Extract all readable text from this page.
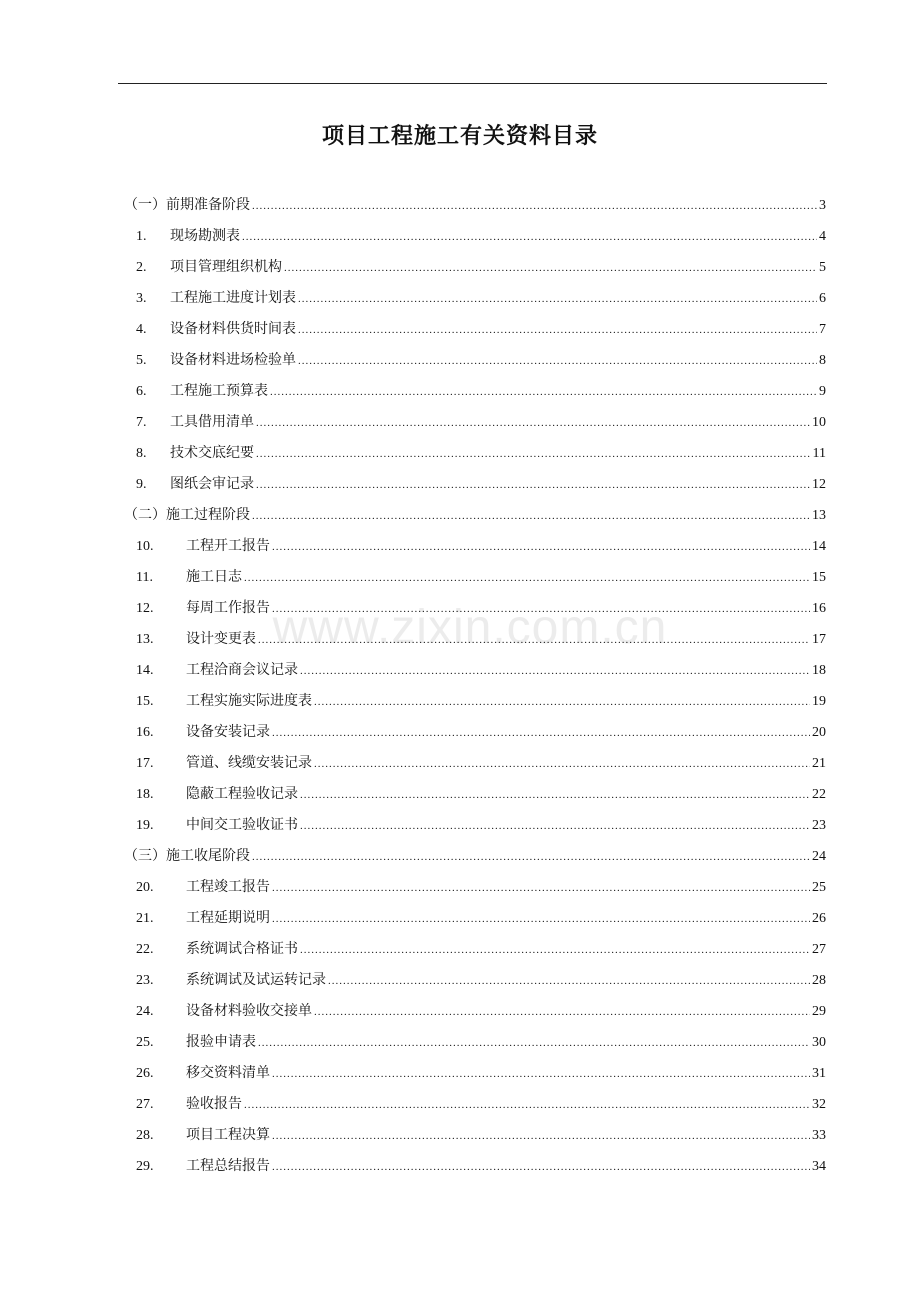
项目工程施工有关资料目录
www.zixin.com.cn
（一）前期准备阶段 .....	3
1.	现场勘测表 .....	4
2.	项目管理组织机构 .....	5
3.	工程施工进度计划表 .....	6
4.	设备材料供货时间表 .....	7
5.	设备材料进场检验单 .....	8
6.	工程施工预算表 .....	9
7.	工具借用清单 .....	10
8.	技术交底纪要 .....	11
9.	图纸会审记录 .....	12
（二）施工过程阶段 .....	13
10.	工程开工报告 .....	14
11.	施工日志 .....	15
12.	每周工作报告 .....	16
13.	设计变更表 .....	17
14.	工程洽商会议记录 .....	18
15.	工程实施实际进度表 .....	19
16.	设备安装记录 .....	20
17.	管道、线缆安装记录 .....	21
18.	隐蔽工程验收记录 .....	22
19.	中间交工验收证书 .....	23
（三）施工收尾阶段 .....	24
20.	工程竣工报告 .....	25
21.	工程延期说明 .....	26
22.	系统调试合格证书 .....	27
23.	系统调试及试运转记录 .....	28
24.	设备材料验收交接单 .....	29
25.	报验申请表 .....	30
26.	移交资料清单 .....	31
27.	验收报告 .....	32
28.	项目工程决算 .....	33
29.	工程总结报告 .....	34
